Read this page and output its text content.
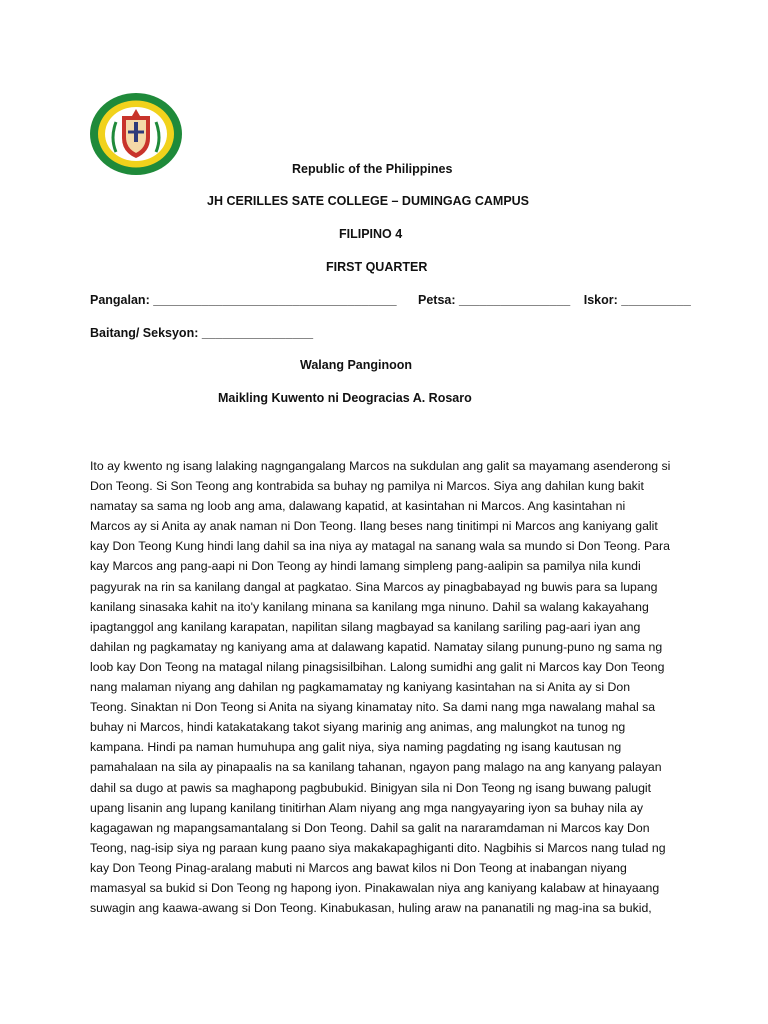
Republic of the Philippines
JH CERILLES SATE COLLEGE – DUMINGAG CAMPUS
FILIPINO 4
FIRST QUARTER
Pangalan: ___________________________________ Petsa: ________________ Iskor: __________
Baitang/ Seksyon: ________________
Walang Panginoon
Maikling Kuwento ni Deogracias A. Rosaro
Ito ay kwento ng isang lalaking nagngangalang Marcos na sukdulan ang galit sa mayamang asenderong si
Don Teong. Si Son Teong ang kontrabida sa buhay ng pamilya ni Marcos. Siya ang dahilan kung bakit
namatay sa sama ng loob ang ama, dalawang kapatid, at kasintahan ni Marcos. Ang kasintahan ni
Marcos ay si Anita ay anak naman ni Don Teong. Ilang beses nang tinitimpi ni Marcos ang kaniyang galit
kay Don Teong Kung hindi lang dahil sa ina niya ay matagal na sanang wala sa mundo si Don Teong. Para
kay Marcos ang pang-aapi ni Don Teong ay hindi lamang simpleng pang-aalipin sa pamilya nila kundi
pagyurak na rin sa kanilang dangal at pagkatao. Sina Marcos ay pinagbabayad ng buwis para sa lupang
kanilang sinasaka kahit na ito'y kanilang minana sa kanilang mga ninuno. Dahil sa walang kakayahang
ipagtanggol ang kanilang karapatan, napilitan silang magbayad sa kanilang sariling pag-aari iyan ang
dahilan ng pagkamatay ng kaniyang ama at dalawang kapatid. Namatay silang punung-puno ng sama ng
loob kay Don Teong na matagal nilang pinagsisilbihan. Lalong sumidhi ang galit ni Marcos kay Don Teong
nang malaman niyang ang dahilan ng pagkamamatay ng kaniyang kasintahan na si Anita ay si Don
Teong. Sinaktan ni Don Teong si Anita na siyang kinamatay nito. Sa dami nang mga nawalang mahal sa
buhay ni Marcos, hindi katakatakang takot siyang marinig ang animas, ang malungkot na tunog ng
kampana. Hindi pa naman humuhupa ang galit niya, siya naming pagdating ng isang kautusan ng
pamahalaan na sila ay pinapaalis na sa kanilang tahanan, ngayon pang malago na ang kanyang palayan
dahil sa dugo at pawis sa maghapong pagbubukid. Binigyan sila ni Don Teong ng isang buwang palugit
upang lisanin ang lupang kanilang tinitirhan Alam niyang ang mga nangyayaring iyon sa buhay nila ay
kagagawan ng mapangsamantalang si Don Teong. Dahil sa galit na nararamdaman ni Marcos kay Don
Teong, nag-isip siya ng paraan kung paano siya makakapaghiganti dito. Nagbihis si Marcos nang tulad ng
kay Don Teong Pinag-aralang mabuti ni Marcos ang bawat kilos ni Don Teong at inabangan niyang
mamasyal sa bukid si Don Teong ng hapong iyon. Pinakawalan niya ang kaniyang kalabaw at hinayaang
suwagin ang kaawa-awang si Don Teong. Kinabukasan, huling araw na pananatili ng mag-ina sa bukid,
